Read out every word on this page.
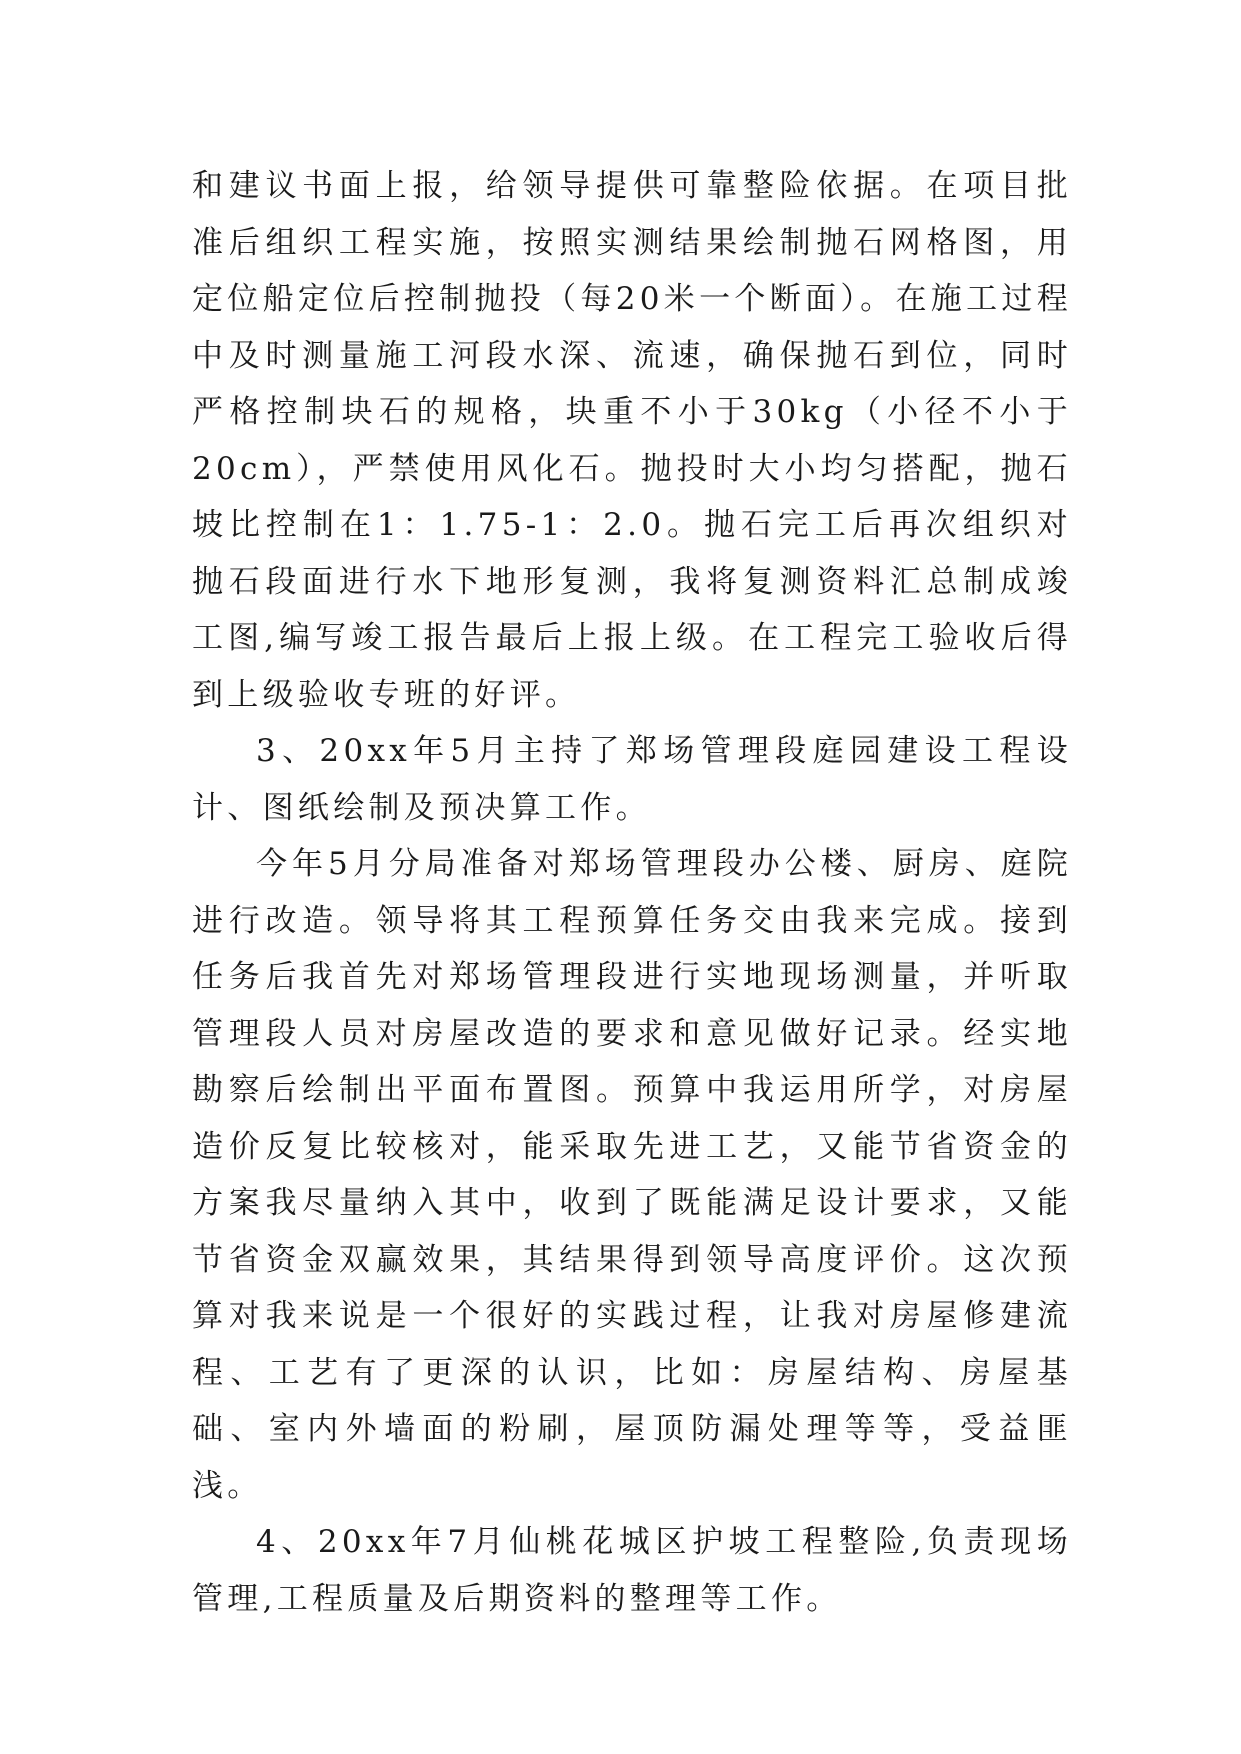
和建议书面上报，给领导提供可靠整险依据。在项目批准后组织工程实施，按照实测结果绘制抛石网格图，用定位船定位后控制抛投（每20米一个断面）。在施工过程中及时测量施工河段水深、流速，确保抛石到位，同时严格控制块石的规格，块重不小于30kg（小径不小于20cm），严禁使用风化石。抛投时大小均匀搭配，抛石坡比控制在1：1.75-1：2.0。抛石完工后再次组织对抛石段面进行水下地形复测，我将复测资料汇总制成竣工图,编写竣工报告最后上报上级。在工程完工验收后得到上级验收专班的好评。

3、20xx年5月主持了郑场管理段庭园建设工程设计、图纸绘制及预决算工作。

今年5月分局准备对郑场管理段办公楼、厨房、庭院进行改造。领导将其工程预算任务交由我来完成。接到任务后我首先对郑场管理段进行实地现场测量，并听取管理段人员对房屋改造的要求和意见做好记录。经实地勘察后绘制出平面布置图。预算中我运用所学，对房屋造价反复比较核对，能采取先进工艺，又能节省资金的方案我尽量纳入其中，收到了既能满足设计要求，又能节省资金双赢效果，其结果得到领导高度评价。这次预算对我来说是一个很好的实践过程，让我对房屋修建流程、工艺有了更深的认识，比如：房屋结构、房屋基础、室内外墙面的粉刷，屋顶防漏处理等等，受益匪浅。

4、20xx年7月仙桃花城区护坡工程整险,负责现场管理,工程质量及后期资料的整理等工作。
